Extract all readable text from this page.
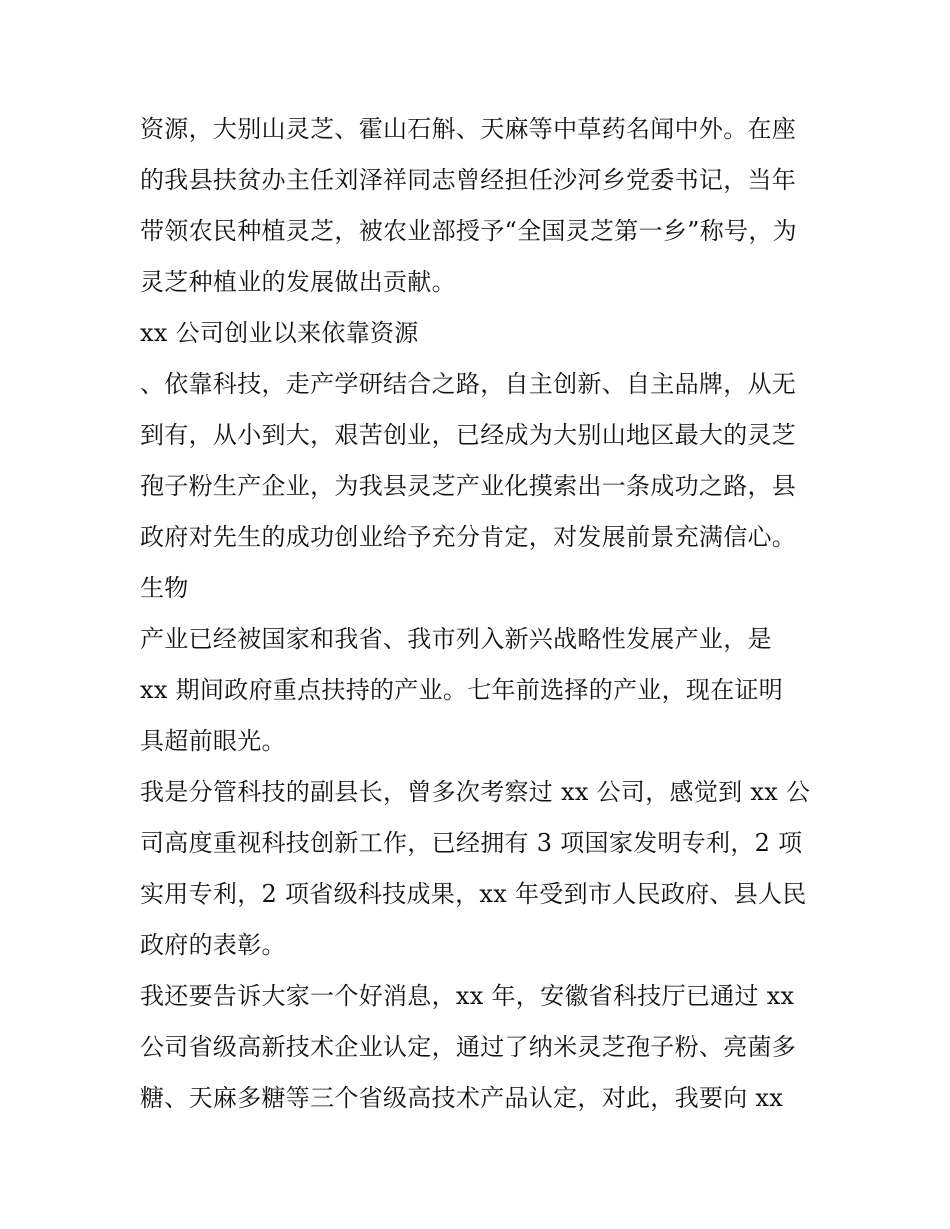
资源，大别山灵芝、霍山石斛、天麻等中草药名闻中外。在座
的我县扶贫办主任刘泽祥同志曾经担任沙河乡党委书记，当年
带领农民种植灵芝，被农业部授予“全国灵芝第一乡”称号，为
灵芝种植业的发展做出贡献。
xx 公司创业以来依靠资源
、依靠科技，走产学研结合之路，自主创新、自主品牌，从无
到有，从小到大，艰苦创业，已经成为大别山地区最大的灵芝
孢子粉生产企业，为我县灵芝产业化摸索出一条成功之路，县
政府对先生的成功创业给予充分肯定，对发展前景充满信心。
生物
产业已经被国家和我省、我市列入新兴战略性发展产业，是
xx 期间政府重点扶持的产业。七年前选择的产业，现在证明
具超前眼光。
我是分管科技的副县长，曾多次考察过 xx 公司，感觉到 xx 公
司高度重视科技创新工作，已经拥有 3 项国家发明专利，2 项
实用专利，2 项省级科技成果，xx 年受到市人民政府、县人民
政府的表彰。
我还要告诉大家一个好消息，xx 年，安徽省科技厅已通过 xx
公司省级高新技术企业认定，通过了纳米灵芝孢子粉、亮菌多
糖、天麻多糖等三个省级高技术产品认定，对此，我要向 xx
